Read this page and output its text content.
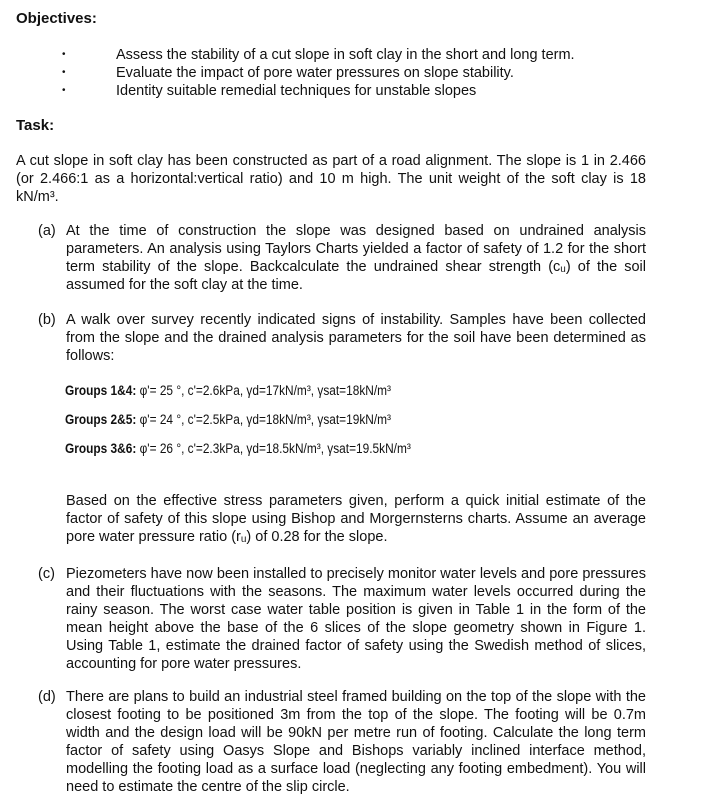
Objectives:
•	Assess the stability of a cut slope in soft clay in the short and long term.
•	Evaluate the impact of pore water pressures on slope stability.
•	Identity suitable remedial techniques for unstable slopes
Task:
A cut slope in soft clay has been constructed as part of a road alignment. The slope is 1 in 2.466 (or 2.466:1 as a horizontal:vertical ratio) and 10 m high. The unit weight of the soft clay is 18 kN/m³.
(a) At the time of construction the slope was designed based on undrained analysis parameters. An analysis using Taylors Charts yielded a factor of safety of 1.2 for the short term stability of the slope. Backcalculate the undrained shear strength (cᵤ) of the soil assumed for the soft clay at the time.
(b) A walk over survey recently indicated signs of instability. Samples have been collected from the slope and the drained analysis parameters for the soil have been determined as follows:
Groups 1&4: φ'= 25 °, c'=2.6kPa, γd=17kN/m³, γsat=18kN/m³
Groups 2&5: φ'= 24 °, c'=2.5kPa, γd=18kN/m³, γsat=19kN/m³
Groups 3&6: φ'= 26 °, c'=2.3kPa, γd=18.5kN/m³, γsat=19.5kN/m³
Based on the effective stress parameters given, perform a quick initial estimate of the factor of safety of this slope using Bishop and Morgernsterns charts. Assume an average pore water pressure ratio (rᵤ) of 0.28 for the slope.
(c) Piezometers have now been installed to precisely monitor water levels and pore pressures and their fluctuations with the seasons. The maximum water levels occurred during the rainy season. The worst case water table position is given in Table 1 in the form of the mean height above the base of the 6 slices of the slope geometry shown in Figure 1. Using Table 1, estimate the drained factor of safety using the Swedish method of slices, accounting for pore water pressures.
(d) There are plans to build an industrial steel framed building on the top of the slope with the closest footing to be positioned 3m from the top of the slope. The footing will be 0.7m width and the design load will be 90kN per metre run of footing. Calculate the long term factor of safety using Oasys Slope and Bishops variably inclined interface method, modelling the footing load as a surface load (neglecting any footing embedment). You will need to estimate the centre of the slip circle.
